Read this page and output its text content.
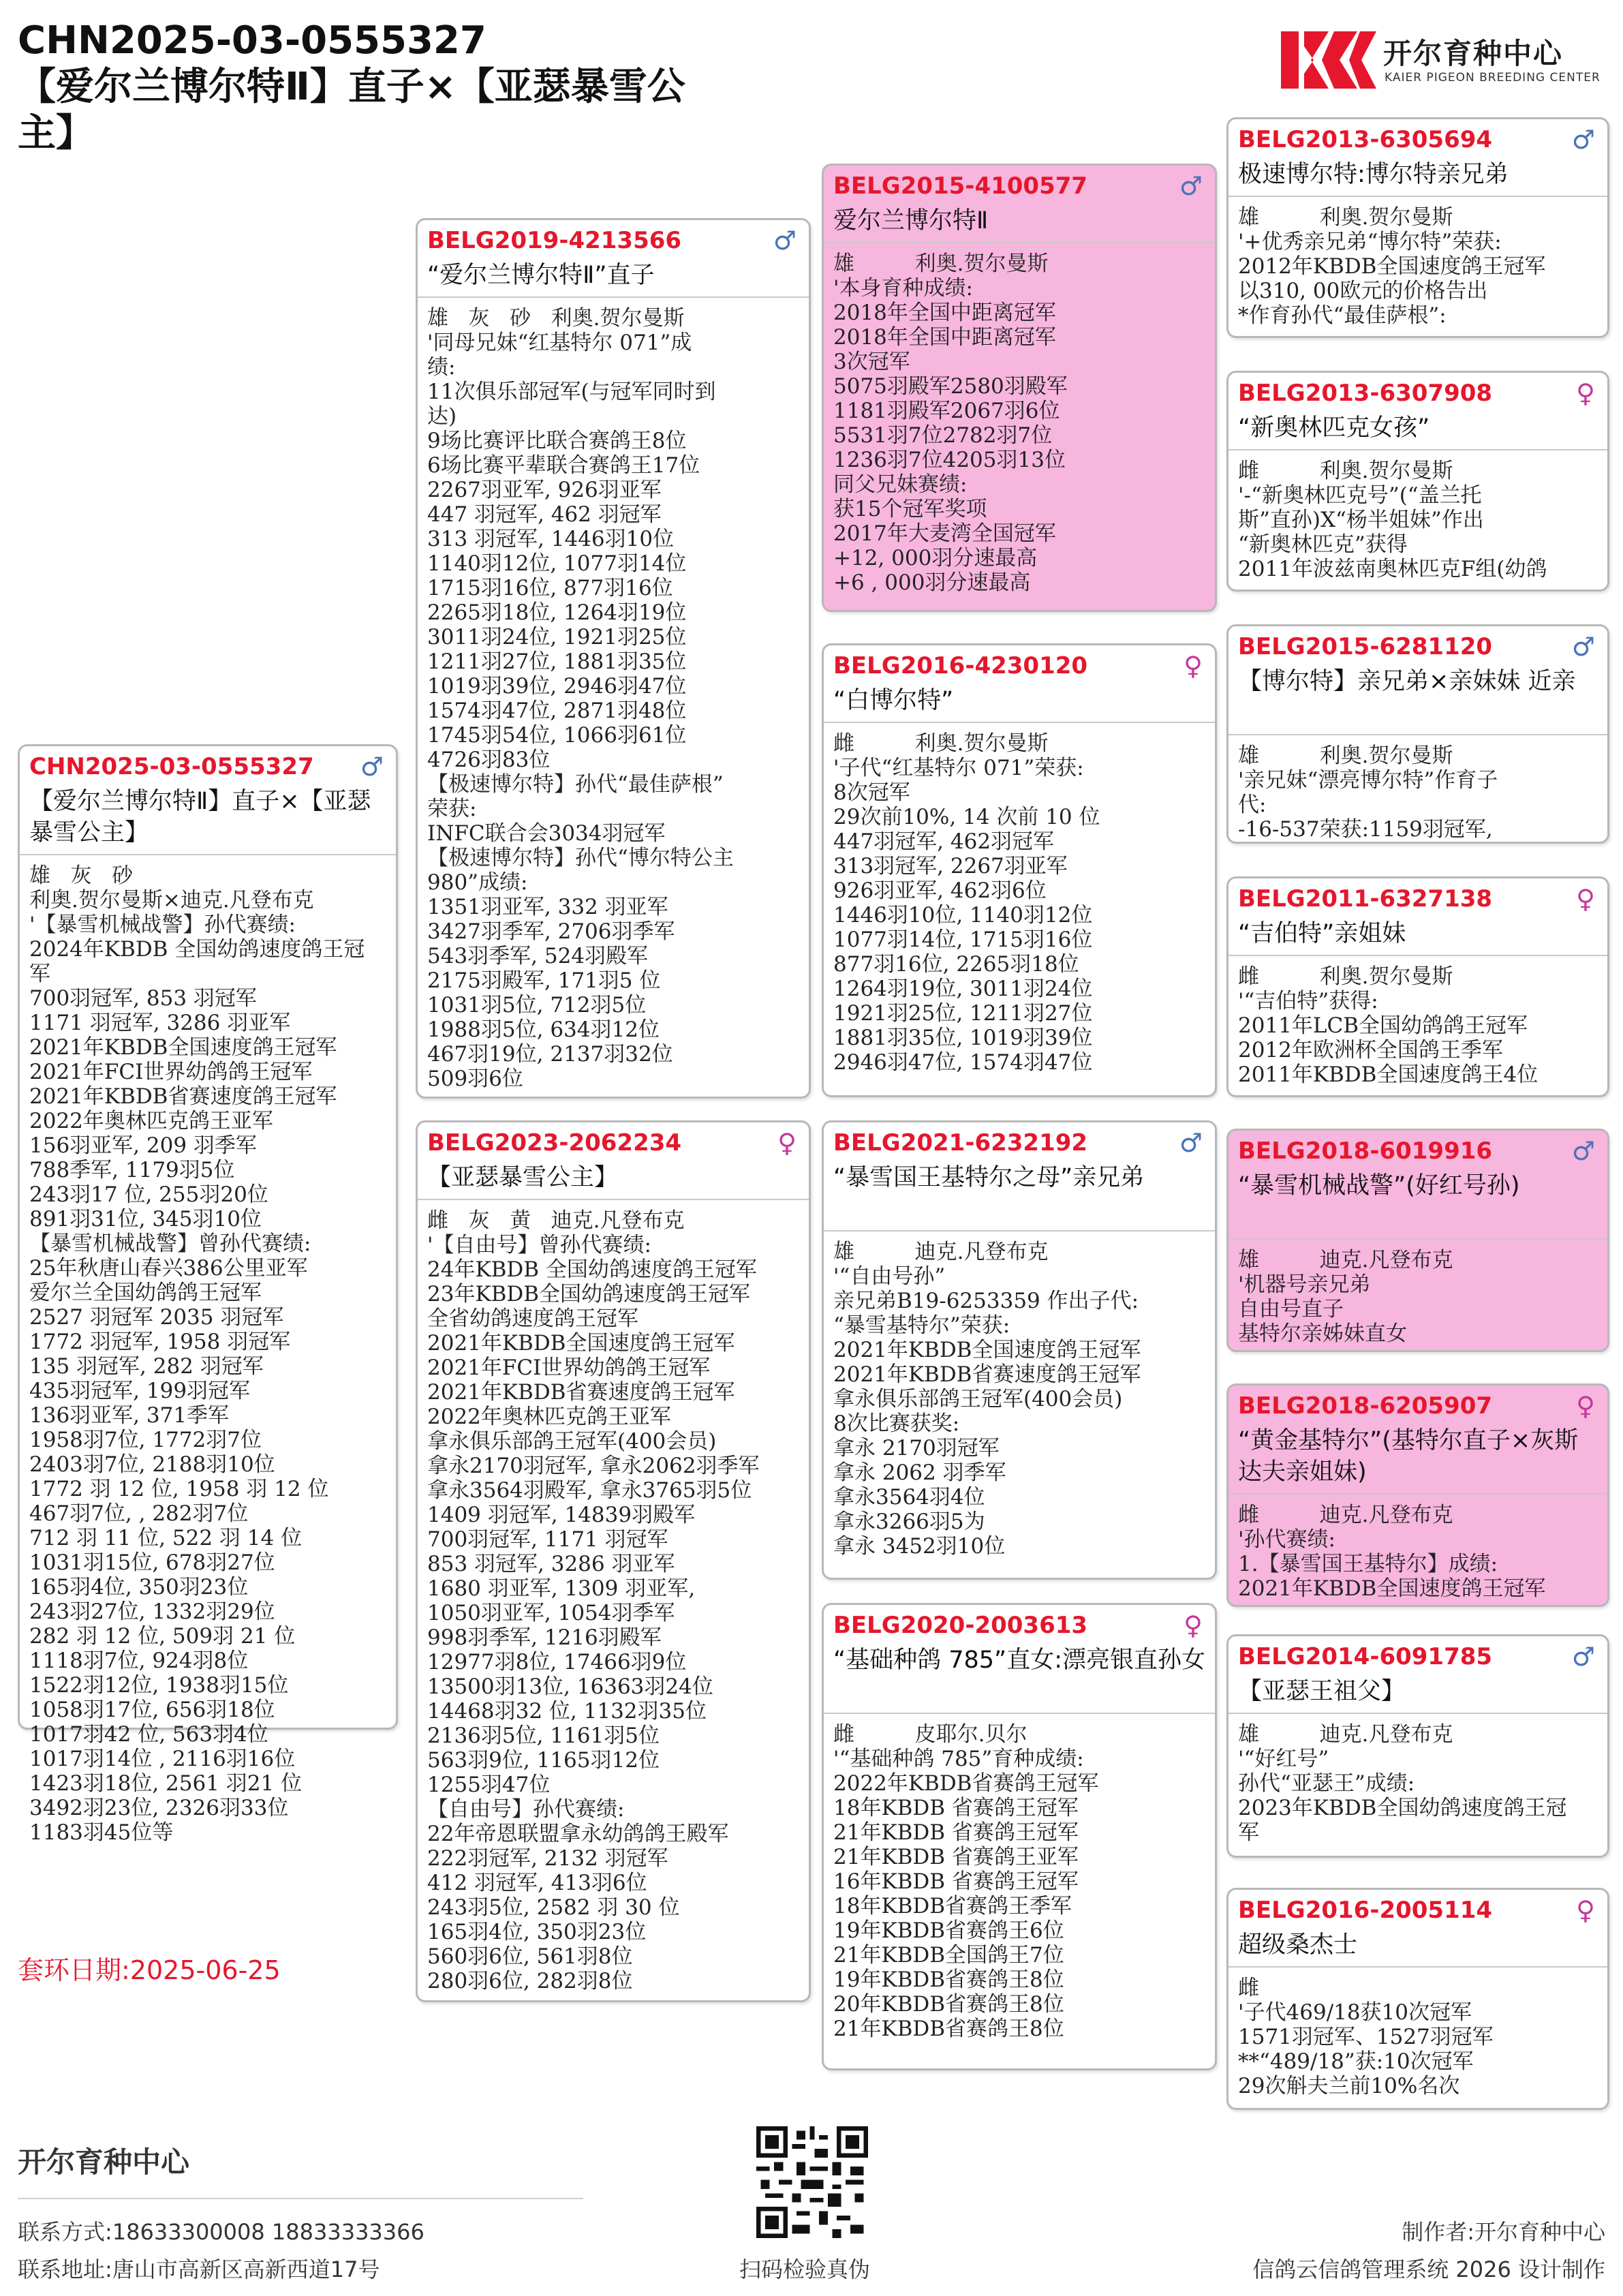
CHN2025-03-0555327
【爱尔兰博尔特Ⅱ】直子×【亚瑟暴雪公
主】
开尔育种中心
KAIER PIGEON BREEDING CENTER
CHN2025-03-0555327 ♂
【爱尔兰博尔特Ⅱ】直子×【亚瑟暴雪公主】
雄   灰   砂
利奥.贺尔曼斯×迪克.凡登布克
'【暴雪机械战警】孙代赛绩:
2024年KBDB 全国幼鸽速度鸽王冠
军
700羽冠军, 853 羽冠军
1171 羽冠军, 3286 羽亚军
2021年KBDB全国速度鸽王冠军
2021年FCI世界幼鸽鸽王冠军
2021年KBDB省赛速度鸽王冠军
2022年奥林匹克鸽王亚军
156羽亚军, 209 羽季军
788季军, 1179羽5位
243羽17 位, 255羽20位
891羽31位, 345羽10位
【暴雪机械战警】曾孙代赛绩:
25年秋唐山春兴386公里亚军
爱尔兰全国幼鸽鸽王冠军
2527 羽冠军 2035 羽冠军
1772 羽冠军, 1958 羽冠军
135 羽冠军, 282 羽冠军
435羽冠军, 199羽冠军
136羽亚军, 371季军
1958羽7位, 1772羽7位
2403羽7位, 2188羽10位
1772 羽 12 位, 1958 羽 12 位
467羽7位, , 282羽7位
712 羽 11 位, 522 羽 14 位
1031羽15位, 678羽27位
165羽4位, 350羽23位
243羽27位, 1332羽29位
282 羽 12 位, 509羽 21 位
1118羽7位, 924羽8位
1522羽12位, 1938羽15位
1058羽17位, 656羽18位
1017羽42 位, 563羽4位
1017羽14位 , 2116羽16位
1423羽18位, 2561 羽21 位
3492羽23位, 2326羽33位
1183羽45位等
BELG2019-4213566	♂
“爱尔兰博尔特Ⅱ”直子
雄   灰   砂   利奥.贺尔曼斯
'同母兄妹“红基特尔 071”成
绩:
11次俱乐部冠军(与冠军同时到
达)
9场比赛评比联合赛鸽王8位
6场比赛平辈联合赛鸽王17位
2267羽亚军, 926羽亚军
447 羽冠军, 462 羽冠军
313 羽冠军, 1446羽10位
1140羽12位, 1077羽14位
1715羽16位, 877羽16位
2265羽18位, 1264羽19位
3011羽24位, 1921羽25位
1211羽27位, 1881羽35位
1019羽39位, 2946羽47位
1574羽47位, 2871羽48位
1745羽54位, 1066羽61位
4726羽83位
【极速博尔特】孙代“最佳萨根”
荣获:
INFC联合会3034羽冠军
【极速博尔特】孙代“博尔特公主
980”成绩:
1351羽亚军, 332 羽亚军
3427羽季军, 2706羽季军
543羽季军, 524羽殿军
2175羽殿军, 171羽5 位
1031羽5位, 712羽5位
1988羽5位, 634羽12位
467羽19位, 2137羽32位
509羽6位
BELG2023-2062234	♀
【亚瑟暴雪公主】
雌   灰   黄   迪克.凡登布克
'【自由号】曾孙代赛绩:
24年KBDB 全国幼鸽速度鸽王冠军
23年KBDB全国幼鸽速度鸽王冠军
全省幼鸽速度鸽王冠军
2021年KBDB全国速度鸽王冠军
2021年FCI世界幼鸽鸽王冠军
2021年KBDB省赛速度鸽王冠军
2022年奥林匹克鸽王亚军
拿永俱乐部鸽王冠军(400会员)
拿永2170羽冠军, 拿永2062羽季军
拿永3564羽殿军, 拿永3765羽5位
1409 羽冠军, 14839羽殿军
700羽冠军, 1171 羽冠军
853 羽冠军, 3286 羽亚军
1680 羽亚军, 1309 羽亚军,
1050羽亚军, 1054羽季军
998羽季军, 1216羽殿军
12977羽8位, 17466羽9位
13500羽13位, 16363羽24位
14468羽32 位, 1132羽35位
2136羽5位, 1161羽5位
563羽9位, 1165羽12位
1255羽47位
【自由号】孙代赛绩:
22年帝恩联盟拿永幼鸽鸽王殿军
222羽冠军, 2132 羽冠军
412 羽冠军, 413羽6位
243羽5位, 2582 羽 30 位
165羽4位, 350羽23位
560羽6位, 561羽8位
280羽6位, 282羽8位
BELG2015-4100577	♂
爱尔兰博尔特Ⅱ
雄         利奥.贺尔曼斯
'本身育种成绩:
2018年全国中距离冠军
2018年全国中距离冠军
3次冠军
5075羽殿军2580羽殿军
1181羽殿军2067羽6位
5531羽7位2782羽7位
1236羽7位4205羽13位
同父兄妹赛绩:
获15个冠军奖项
2017年大麦湾全国冠军
+12, 000羽分速最高
+6 , 000羽分速最高
BELG2016-4230120	♀
“白博尔特”
雌         利奥.贺尔曼斯
'子代“红基特尔 071”荣获:
8次冠军
29次前10%, 14 次前 10 位
447羽冠军, 462羽冠军
313羽冠军, 2267羽亚军
926羽亚军, 462羽6位
1446羽10位, 1140羽12位
1077羽14位, 1715羽16位
877羽16位, 2265羽18位
1264羽19位, 3011羽24位
1921羽25位, 1211羽27位
1881羽35位, 1019羽39位
2946羽47位, 1574羽47位
BELG2021-6232192	♂
“暴雪国王基特尔之母”亲兄弟
雄         迪克.凡登布克
'“自由号孙”
亲兄弟B19-6253359 作出子代:
“暴雪基特尔”荣获:
2021年KBDB全国速度鸽王冠军
2021年KBDB省赛速度鸽王冠军
拿永俱乐部鸽王冠军(400会员)
8次比赛获奖:
拿永 2170羽冠军
拿永 2062 羽季军
拿永3564羽4位
拿永3266羽5为
拿永 3452羽10位
BELG2020-2003613	♀
“基础种鸽 785”直女:漂亮银直孙女
雌         皮耶尔.贝尔
'“基础种鸽 785”育种成绩:
2022年KBDB省赛鸽王冠军
18年KBDB 省赛鸽王冠军
21年KBDB 省赛鸽王冠军
21年KBDB 省赛鸽王亚军
16年KBDB 省赛鸽王冠军
18年KBDB省赛鸽王季军
19年KBDB省赛鸽王6位
21年KBDB全国鸽王7位
19年KBDB省赛鸽王8位
20年KBDB省赛鸽王8位
21年KBDB省赛鸽王8位
BELG2013-6305694	♂
极速博尔特:博尔特亲兄弟
雄         利奥.贺尔曼斯
'+优秀亲兄弟“博尔特”荣获:
2012年KBDB全国速度鸽王冠军
以310, 00欧元的价格告出
*作育孙代“最佳萨根”:
BELG2013-6307908	♀
“新奥林匹克女孩”
雌         利奥.贺尔曼斯
'-“新奥林匹克号”(“盖兰托
斯”直孙)X“杨半姐妹”作出
“新奥林匹克”获得
2011年波兹南奥林匹克F组(幼鸽
BELG2015-6281120	♂
【博尔特】亲兄弟×亲妹妹 近亲
雄         利奥.贺尔曼斯
'亲兄妹“漂亮博尔特”作育子
代:
-16-537荣获:1159羽冠军,
BELG2011-6327138	♀
“吉伯特”亲姐妹
雌         利奥.贺尔曼斯
'“吉伯特”获得:
2011年LCB全国幼鸽鸽王冠军
2012年欧洲杯全国鸽王季军
2011年KBDB全国速度鸽王4位
BELG2018-6019916	♂
“暴雪机械战警”(好红号孙)
雄         迪克.凡登布克
'机器号亲兄弟
自由号直子
基特尔亲姊妹直女
BELG2018-6205907	♀
“黄金基特尔”(基特尔直子×灰斯达夫亲姐妹)
雌         迪克.凡登布克
'孙代赛绩:
1.【暴雪国王基特尔】成绩:
2021年KBDB全国速度鸽王冠军
BELG2014-6091785	♂
【亚瑟王祖父】
雄         迪克.凡登布克
'“好红号”
孙代“亚瑟王”成绩:
2023年KBDB全国幼鸽速度鸽王冠
军
BELG2016-2005114	♀
超级桑杰士
雌
'子代469/18获10次冠军
1571羽冠军、1527羽冠军
**“489/18”获:10次冠军
29次斛夫兰前10%名次
套环日期:2025-06-25
开尔育种中心
联系方式:18633300008 18833333366
联系地址:唐山市高新区高新西道17号	扫码检验真伪
制作者:开尔育种中心
信鸽云信鸽管理系统 2026 设计制作
